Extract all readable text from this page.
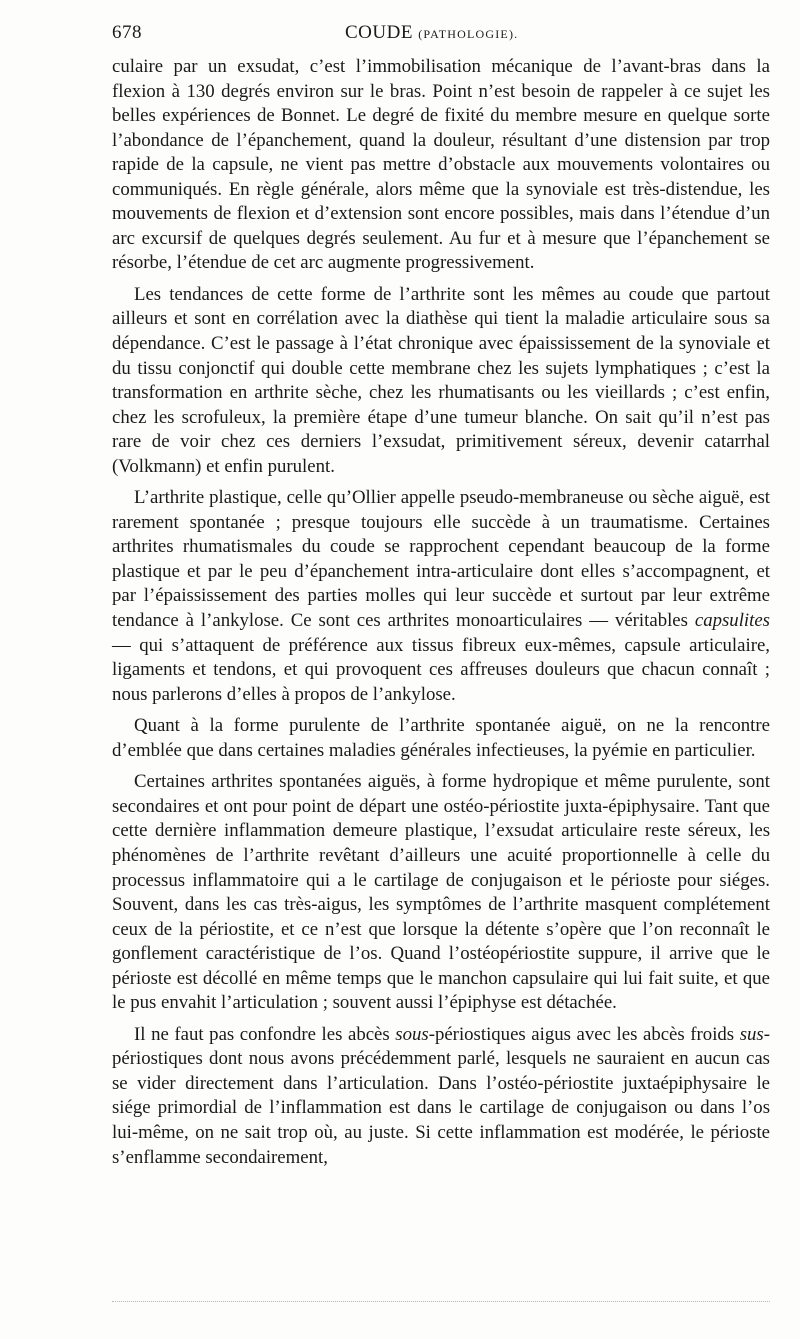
678	COUDE (PATHOLOGIE).

culaire par un exsudat, c’est l’immobilisation mécanique de l’avant-bras dans la flexion à 130 degrés environ sur le bras. Point n’est besoin de rappeler à ce sujet les belles expériences de Bonnet. Le degré de fixité du membre mesure en quelque sorte l’abondance de l’épanchement, quand la douleur, résultant d’une distension par trop rapide de la capsule, ne vient pas mettre d’obstacle aux mouvements volontaires ou communiqués. En règle générale, alors même que la synoviale est très-distendue, les mouvements de flexion et d’extension sont encore possibles, mais dans l’étendue d’un arc excursif de quelques degrés seulement. Au fur et à mesure que l’épanchement se résorbe, l’étendue de cet arc augmente progressivement.

Les tendances de cette forme de l’arthrite sont les mêmes au coude que partout ailleurs et sont en corrélation avec la diathèse qui tient la maladie articulaire sous sa dépendance. C’est le passage à l’état chronique avec épaississement de la synoviale et du tissu conjonctif qui double cette membrane chez les sujets lymphatiques ; c’est la transformation en arthrite sèche, chez les rhumatisants ou les vieillards ; c’est enfin, chez les scrofuleux, la première étape d’une tumeur blanche. On sait qu’il n’est pas rare de voir chez ces derniers l’exsudat, primitivement séreux, devenir catarrhal (Volkmann) et enfin purulent.

L’arthrite plastique, celle qu’Ollier appelle pseudo-membraneuse ou sèche aiguë, est rarement spontanée ; presque toujours elle succède à un traumatisme. Certaines arthrites rhumatismales du coude se rapprochent cependant beaucoup de la forme plastique et par le peu d’épanchement intra-articulaire dont elles s’accompagnent, et par l’épaississement des parties molles qui leur succède et surtout par leur extrême tendance à l’ankylose. Ce sont ces arthrites monoarticulaires — véritables capsulites — qui s’attaquent de préférence aux tissus fibreux eux-mêmes, capsule articulaire, ligaments et tendons, et qui provoquent ces affreuses douleurs que chacun connaît ; nous parlerons d’elles à propos de l’ankylose.

Quant à la forme purulente de l’arthrite spontanée aiguë, on ne la rencontre d’emblée que dans certaines maladies générales infectieuses, la pyémie en particulier.

Certaines arthrites spontanées aiguës, à forme hydropique et même purulente, sont secondaires et ont pour point de départ une ostéo-périostite juxta-épiphysaire. Tant que cette dernière inflammation demeure plastique, l’exsudat articulaire reste séreux, les phénomènes de l’arthrite revêtant d’ailleurs une acuité proportionnelle à celle du processus inflammatoire qui a le cartilage de conjugaison et le périoste pour siéges. Souvent, dans les cas très-aigus, les symptômes de l’arthrite masquent complétement ceux de la périostite, et ce n’est que lorsque la détente s’opère que l’on reconnaît le gonflement caractéristique de l’os. Quand l’ostéopériostite suppure, il arrive que le périoste est décollé en même temps que le manchon capsulaire qui lui fait suite, et que le pus envahit l’articulation ; souvent aussi l’épiphyse est détachée.

Il ne faut pas confondre les abcès sous-périostiques aigus avec les abcès froids sus-périostiques dont nous avons précédemment parlé, lesquels ne sauraient en aucun cas se vider directement dans l’articulation. Dans l’ostéo-périostite juxtaépiphysaire le siége primordial de l’inflammation est dans le cartilage de conjugaison ou dans l’os lui-même, on ne sait trop où, au juste. Si cette inflammation est modérée, le périoste s’enflamme secondairement,
